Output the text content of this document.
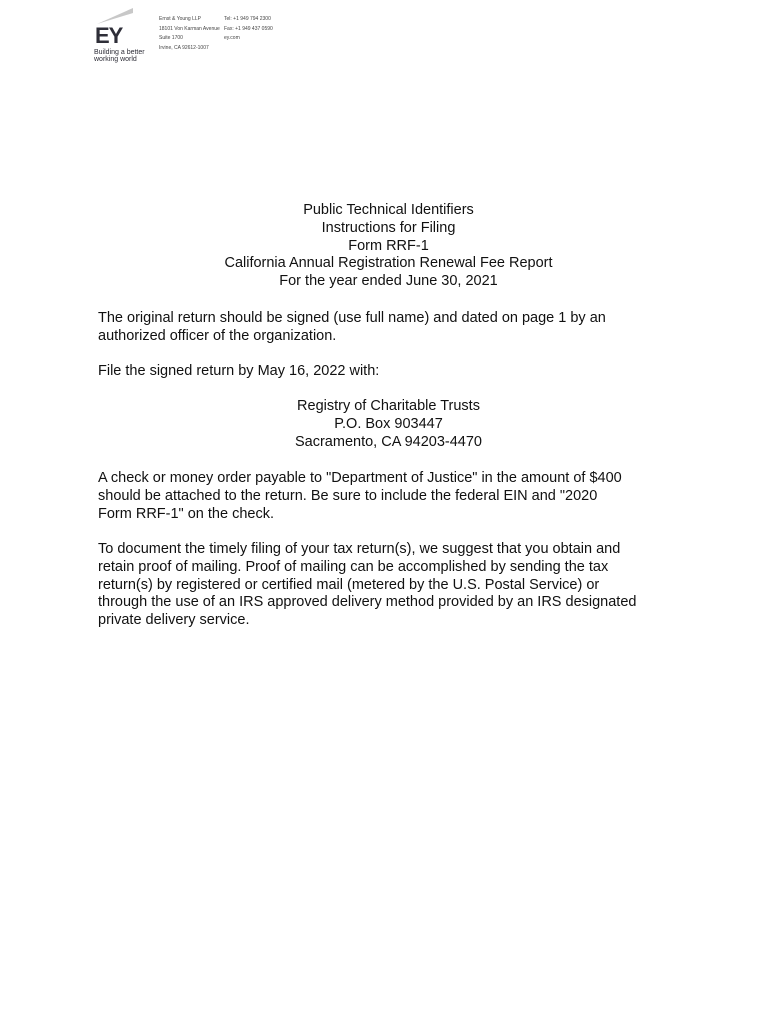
EY
Building a better
working world
Ernst & Young LLP
18101 Von Karman Avenue
Suite 1700
Irvine, CA 92612-1007
Tel: +1 949 794 2300
Fax: +1 949 437 0590
ey.com
Public Technical Identifiers
Instructions for Filing
Form RRF-1
California Annual Registration Renewal Fee Report
For the year ended June 30, 2021
The original return should be signed (use full name) and dated on page 1 by an
authorized officer of the organization.
File the signed return by May 16, 2022 with:
Registry of Charitable Trusts
P.O. Box 903447
Sacramento, CA 94203-4470
A check or money order payable to "Department of Justice" in the amount of $400
should be attached to the return. Be sure to include the federal EIN and "2020
Form RRF-1" on the check.
To document the timely filing of your tax return(s), we suggest that you obtain and
retain proof of mailing. Proof of mailing can be accomplished by sending the tax
return(s) by registered or certified mail (metered by the U.S. Postal Service) or
through the use of an IRS approved delivery method provided by an IRS designated
private delivery service.
